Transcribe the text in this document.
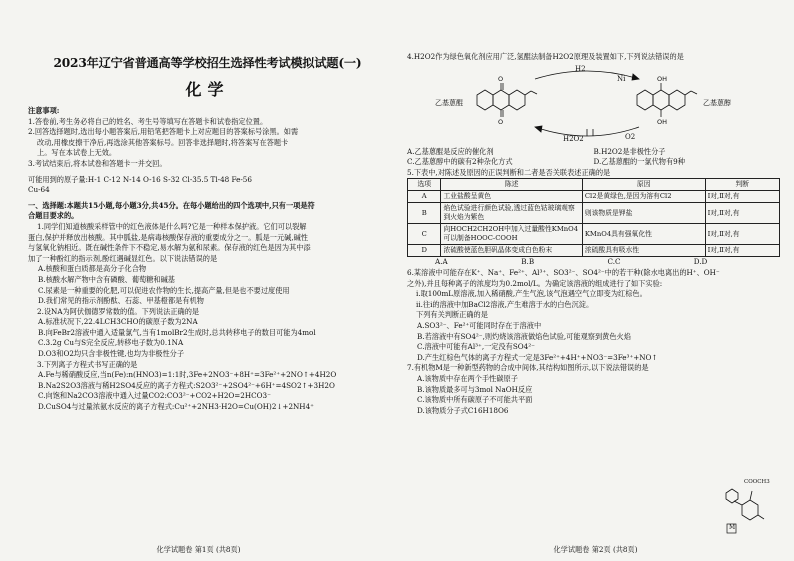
2023年辽宁省普通高等学校招生选择性考试模拟试题(一)
化学

注意事项:

1.答卷前,考生务必将自己的姓名、考生号等填写在答题卡和试卷指定位置。

2.回答选择题时,选出每小题答案后,用铅笔把答题卡上对应题目的答案标号涂黑。如需

改动,用橡皮擦干净后,再选涂其他答案标号。回答非选择题时,将答案写在答题卡

上。写在本试卷上无效。

3.考试结束后,将本试卷和答题卡一并交回。

可能用到的原子量:H-1 C-12 N-14 O-16 S-32 Cl-35.5 Tl-48 Fe-56

Cu-64

一、选择题:本题共15小题,每小题3分,共45分。在每小题给出的四个选项中,只有一项是符

合题目要求的。

1.同学们知道核酸采样管中的红色液体是什么吗?它是一种样本保护液。它们可以裂解

蛋白,保护并释放出核酸。其中胍盐,是病毒核酸保存液的重要成分之一。胍是一元碱,碱性

与氢氧化钠相近。既在碱性条件下不稳定,易水解为氨和尿素。保存液的红色是因为其中添

加了一种酚红的指示剂,酚红遇碱显红色。以下说法错误的是

A.核酸和蛋白质都是高分子化合物

B.核酸水解产物中含有磷酸、葡萄糖和碱基

C.尿素是一种重要的化肥,可以促进农作物的生长,提高产量,但是也不要过度使用

D.我们常见的指示剂酚酞、石蕊、甲基橙都是有机物

2.设NA为阿伏伽德罗常数的值。下列说法正确的是

A.标准状况下,22.4LCH3CHO的碳原子数为2NA

B.向FeBr2溶液中通入适量氯气,当有1molBr2生成时,总共转移电子的数目可能为4mol

C.3.2g Cu与S完全反应,转移电子数为0.1NA

D.O3和O2均只含非极性键,也均为非极性分子

3.下列离子方程式书写正确的是

A.Fe与稀硝酸反应,当n(Fe):n(HNO3)=1:1时,3Fe+2NO3⁻+8H⁺=3Fe²⁺+2NO↑+4H2O

B.Na2S2O3溶液与稀H2SO4反应的离子方程式:S2O3²⁻+2SO4²⁻+6H⁺=4SO2↑+3H2O

C.向饱和Na2CO3溶液中通入过量CO2:CO3²⁻+CO2+H2O=2HCO3⁻

D.CuSO4与过量浓氨水反应的离子方程式:Cu²⁺+2NH3·H2O=Cu(OH)2↓+2NH4⁺

化学试题卷 第1页 (共8页)

4.H2O2作为绿色氧化剂应用广泛,氢醌法制备H2O2原理及装置如下,下列说法错误的是

O
O
OH
OH
H2
Ni
乙基蒽醌	乙基蒽醇
H2O2	O2
A.乙基蒽醌是反应的催化剂	B.H2O2是非极性分子
C.乙基蒽醇中的碳有2种杂化方式	D.乙基蒽醌的一氯代物有9种

5.下表中,对陈述及原因的正误判断和二者是否关联表述正确的是

选项	陈述	原因	判断
A	工业盐酸呈黄色	Cl2是黄绿色,是因为溶有Cl2	Ⅰ对,Ⅱ对,有
B	焰色试验进行颜色试验,透过蓝色钴玻璃观察到火焰为紫色	则该物质是钾盐	Ⅰ对,Ⅱ对,有
C	向HOCH2CH2OH中加入过量酸性KMnO4可以制备HOOC-COOH	KMnO4具有强氧化性	Ⅰ对,Ⅱ对,有
D	浓硫酸使蓝色胆矾晶体变成白色粉末	浓硫酸具有吸水性	Ⅰ对,Ⅱ对,有
A.A	B.B	C.C	D.D

6.某溶液中可能存在K⁺、Na⁺、Fe²⁺、Al³⁺、SO3²⁻、SO4²⁻中的若干种(除水电离出的H⁺、OH⁻

之外),并且每种离子的浓度均为0.2mol/L。为确定该溶液的组成进行了如下实验:

ⅰ.取100mL原溶液,加入稀硝酸,产生气泡,该气泡遇空气立即变为红棕色。

ⅱ.往ⅰ的溶液中加BaCl2溶液,产生难溶于水的白色沉淀。

下列有关判断正确的是

A.SO3²⁻、Fe²⁺可能同时存在于溶液中

B.若溶液中有SO4²⁻,则灼烧该溶液做焰色试验,可能观察到黄色火焰

C.溶液中可能有Al³⁺,一定没有SO4²⁻

D.产生红棕色气体的离子方程式一定是3Fe²⁺+4H⁺+NO3⁻=3Fe³⁺+NO↑

7.有机物M是一种新型药物的合成中间体,其结构如图所示,以下说法错误的是

A.该物质中存在两个手性碳原子

B.该物质最多可与3mol NaOH反应

C.该物质中所有碳原子不可能共平面

D.该物质分子式C16H18O6

COOCH3
M
化学试题卷 第2页 (共8页)
